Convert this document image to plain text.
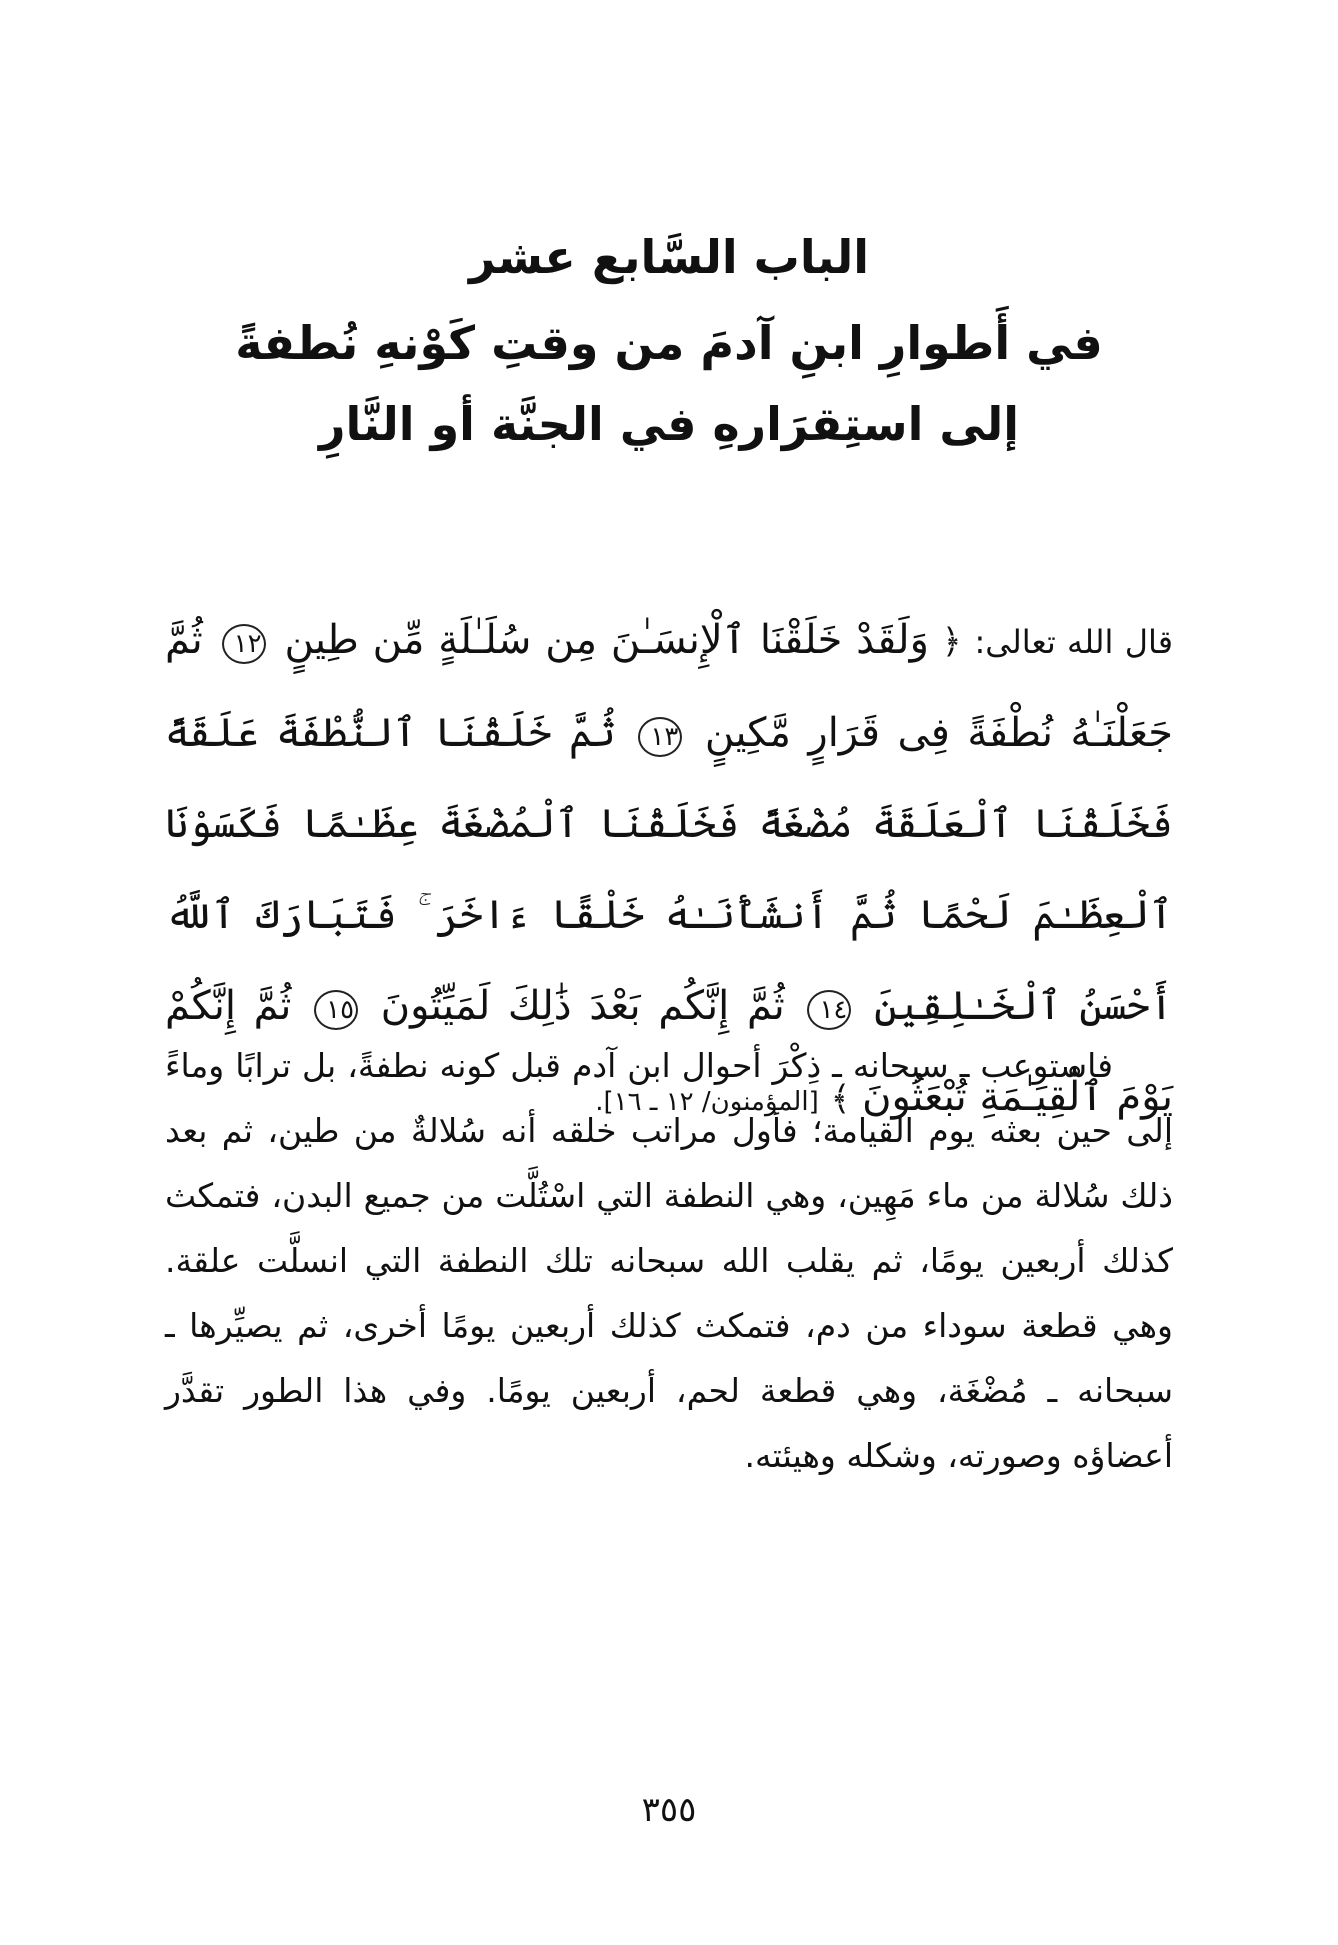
الباب السَّابع عشر
في أَطوارِ ابنِ آدمَ من وقتِ كَوْنهِ نُطفةً
إلى استِقرَارهِ في الجنَّة أو النَّارِ
قال الله تعالى: ﴿ وَلَقَدْ خَلَقْنَا ٱلْإِنسَـٰنَ مِن سُلَـٰلَةٍ مِّن طِينٍ ١٢ ثُمَّ جَعَلْنَـٰهُ نُطْفَةً فِى قَرَارٍ مَّكِينٍ ١٣ ثُمَّ خَلَقْنَا ٱلنُّطْفَةَ عَلَقَةً فَخَلَقْنَا ٱلْعَلَقَةَ مُضْغَةً فَخَلَقْنَا ٱلْمُضْغَةَ عِظَـٰمًا فَكَسَوْنَا ٱلْعِظَـٰمَ لَحْمًا ثُمَّ أَنشَأْنَـٰهُ خَلْقًا ءَاخَرَ ۚ فَتَبَارَكَ ٱللَّهُ أَحْسَنُ ٱلْخَـٰلِقِينَ ١٤ ثُمَّ إِنَّكُم بَعْدَ ذَٰلِكَ لَمَيِّتُونَ ١٥ ثُمَّ إِنَّكُمْ يَوْمَ ٱلْقِيَـٰمَةِ تُبْعَثُونَ ﴾ [المؤمنون/ ١٢ ـ ١٦].

فاستوعب ـ سبحانه ـ ذِكْرَ أحوال ابن آدم قبل كونه نطفةً، بل ترابًا وماءً إلى حين بعثه يوم القيامة؛ فأول مراتب خلقه أنه سُلالةٌ من طين، ثم بعد ذلك سُلالة من ماء مَهِين، وهي النطفة التي اسْتُلَّت من جميع البدن، فتمكث كذلك أربعين يومًا، ثم يقلب الله سبحانه تلك النطفة التي انسلَّت علقة. وهي قطعة سوداء من دم، فتمكث كذلك أربعين يومًا أخرى، ثم يصيِّرها ـ سبحانه ـ مُضْغَة، وهي قطعة لحم، أربعين يومًا. وفي هذا الطور تقدَّر أعضاؤه وصورته، وشكله وهيئته.

٣٥٥
